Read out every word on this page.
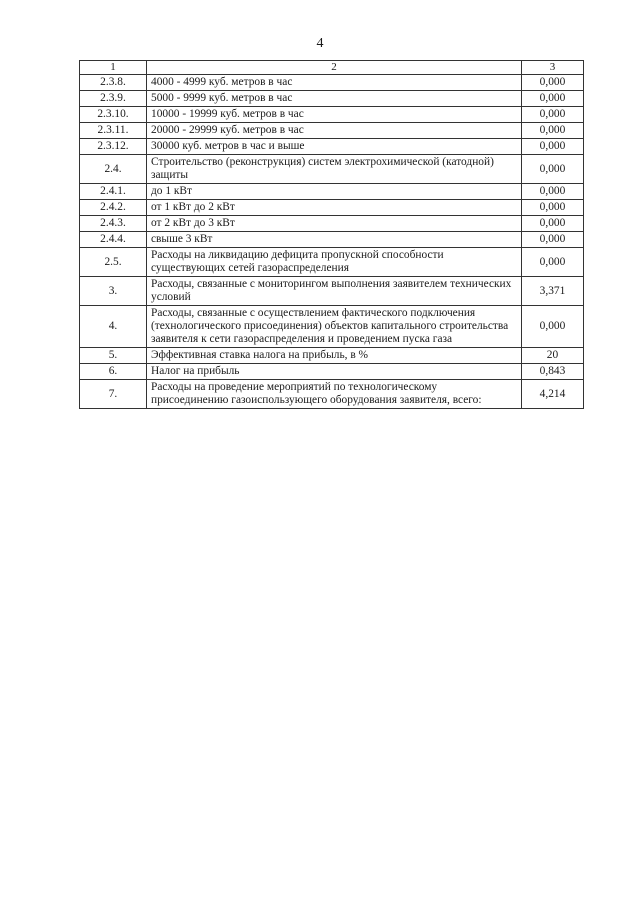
4
1	2	3
2.3.8.	4000 - 4999 куб. метров в час	0,000
2.3.9.	5000 - 9999 куб. метров в час	0,000
2.3.10.	10000 - 19999 куб. метров в час	0,000
2.3.11.	20000 - 29999 куб. метров в час	0,000
2.3.12.	30000 куб. метров в час и выше	0,000
2.4.	Строительство (реконструкция) систем электрохимической (катодной) защиты	0,000
2.4.1.	до 1 кВт	0,000
2.4.2.	от 1 кВт до 2 кВт	0,000
2.4.3.	от 2 кВт до 3 кВт	0,000
2.4.4.	свыше 3 кВт	0,000
2.5.	Расходы на ликвидацию дефицита пропускной способности существующих сетей газораспределения	0,000
3.	Расходы, связанные с мониторингом выполнения заявителем технических условий	3,371
4.	Расходы, связанные с осуществлением фактического подключения (технологического присоединения) объектов капитального строительства заявителя к сети газораспределения и проведением пуска газа	0,000
5.	Эффективная ставка налога на прибыль, в %	20
6.	Налог на прибыль	0,843
7.	Расходы на проведение мероприятий по технологическому присоединению газоиспользующего оборудования заявителя, всего:	4,214
